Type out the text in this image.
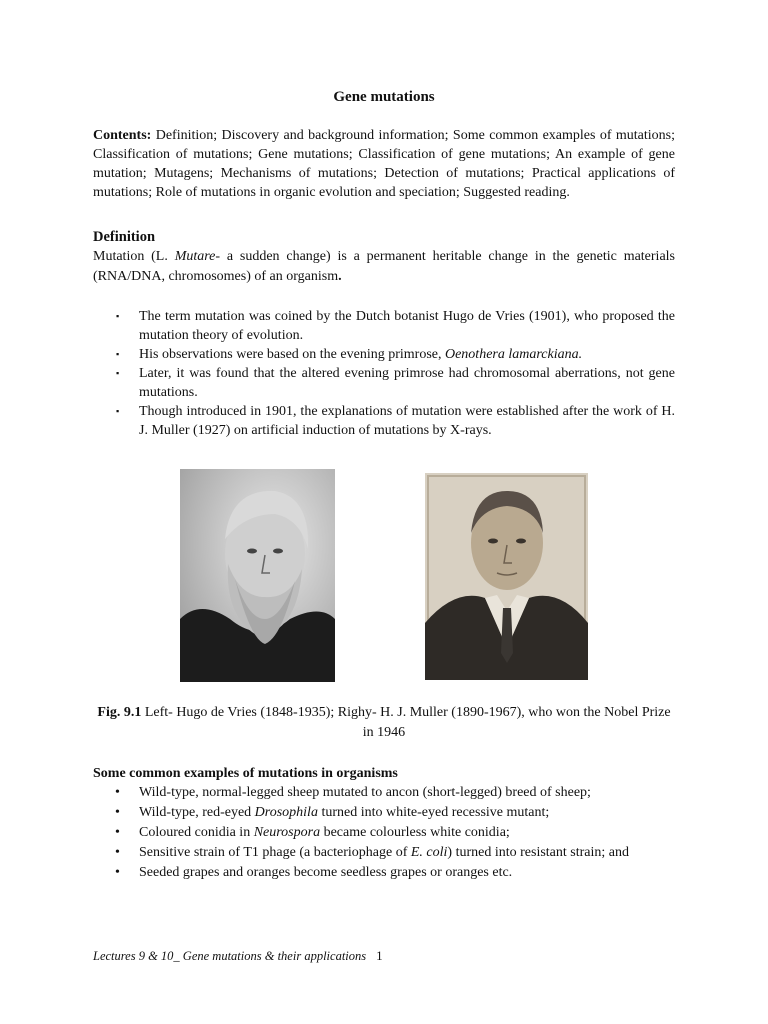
Gene mutations
Contents: Definition; Discovery and background information; Some common examples of mutations; Classification of mutations; Gene mutations; Classification of gene mutations; An example of gene mutation; Mutagens; Mechanisms of mutations; Detection of mutations; Practical applications of mutations; Role of mutations in organic evolution and speciation; Suggested reading.
Definition
Mutation (L. Mutare- a sudden change) is a permanent heritable change in the genetic materials (RNA/DNA, chromosomes) of an organism.
▪ The term mutation was coined by the Dutch botanist Hugo de Vries (1901), who proposed the mutation theory of evolution.
▪ His observations were based on the evening primrose, Oenothera lamarckiana.
▪ Later, it was found that the altered evening primrose had chromosomal aberrations, not gene mutations.
▪ Though introduced in 1901, the explanations of mutation were established after the work of H. J. Muller (1927) on artificial induction of mutations by X-rays.
Fig. 9.1 Left- Hugo de Vries (1848-1935); Righy- H. J. Muller (1890-1967), who won the Nobel Prize in 1946
Some common examples of mutations in organisms
• Wild-type, normal-legged sheep mutated to ancon (short-legged) breed of sheep;
• Wild-type, red-eyed Drosophila turned into white-eyed recessive mutant;
• Coloured conidia in Neurospora became colourless white conidia;
• Sensitive strain of T1 phage (a bacteriophage of E. coli) turned into resistant strain; and
• Seeded grapes and oranges become seedless grapes or oranges etc.
Lectures 9 & 10_ Gene mutations & their applications 1
